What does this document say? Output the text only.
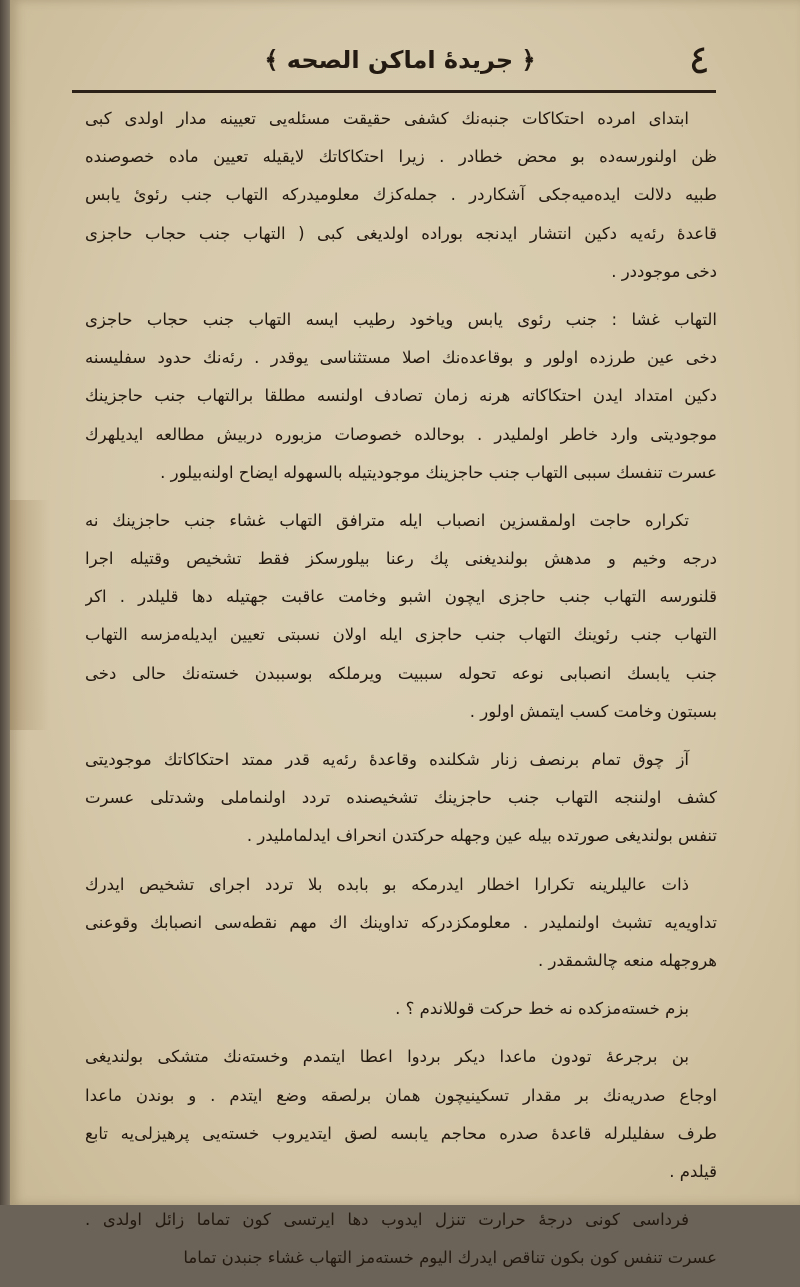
٤
﴿ جريدۀ اماكن الصحه ﴾
ابتداى امرده احتكاكات جنبه‌نك كشفى حقيقت مسئله‌يى تعيينه مدار اولدى كبى
ظن اولنورسه‌ده بو محض خطادر . زيرا احتكاكاتك لايقيله تعيين ماده خصوصنده
طبيه دلالت ايده‌ميه‌جكى آشكاردر . جمله‌كزك معلوميدركه التهاب جنب رئوئ يابس
قاعدۀ رئه‌يه دكين انتشار ايدنجه بوراده اولديغى كبى ( التهاب جنب حجاب حاجزى
دخى موجوددر .
التهاب غشا : جنب رئوى يابس وياخود رطيب ايسه التهاب جنب حجاب حاجزى
دخى عين طرزده اولور و بوقاعده‌نك اصلا مستثناسى يوقدر . رئه‌نك حدود سفليسنه
دكين امتداد ايدن احتكاكاته هرنه زمان تصادف اولنسه مطلقا برالتهاب جنب حاجزينك
موجوديتى وارد خاطر اولمليدر . بوحالده خصوصات مزبوره دربيش مطالعه ايديلهرك
عسرت تنفسك سببى التهاب جنب حاجزينك موجوديتيله بالسهوله ايضاح اولنه‌بيلور .
تكراره حاجت اولمقسزين انصباب ايله مترافق التهاب غشاء جنب حاجزينك نه
درجه وخيم و مدهش بولنديغنى پك رعنا بيلورسكز فقط تشخيص وقتيله اجرا
قلنورسه التهاب جنب حاجزى ايچون اشبو وخامت عاقبت جهتيله دها قليلدر . اكر
التهاب جنب رئوينك التهاب جنب حاجزى ايله اولان نسبتى تعيين ايديله‌مزسه التهاب
جنب يابسك انصبابى نوعه تحوله سببيت ويرملكه بوسببدن خسته‌نك حالى دخى
بسبتون وخامت كسب ايتمش اولور .
آز چوق تمام برنصف زنار شكلنده وقاعدۀ رئه‌يه قدر ممتد احتكاكاتك موجوديتى
كشف اولننجه التهاب جنب حاجزينك تشخيصنده تردد اولنماملى وشدتلى عسرت
تنفس بولنديغى صورتده بيله عين وجهله حركتدن انحراف ايدلمامليدر .
ذات عاليلرينه تكرارا اخطار ايدرمكه بو بابده بلا تردد اجراى تشخيص ايدرك
تداويه‌يه تشبث اولنمليدر . معلومكزدركه تداوينك اك مهم نقطه‌سى انصبابك وقوعنى
هروجهله منعه چالشمقدر .
بزم خسته‌مزكده نه خط حركت قوللاندم ؟ .
بن برجرعۀ تودون ماعدا ديكر بردوا اعطا ايتمدم وخسته‌نك متشكى بولنديغى
اوجاع صدريه‌نك بر مقدار تسكينيچون همان برلصقه وضع ايتدم . و بوندن ماعدا
طرف سفليلرله قاعدۀ صدره محاجم يابسه لصق ايتديروب خسته‌يى پرهيزلى‌يه تابع
قيلدم .
فرداسى كونى درجۀ حرارت تنزل ايدوب دها ايرتسى كون تماما زائل اولدى .
عسرت تنفس كون بكون تناقص ايدرك اليوم خسته‌مز التهاب غشاء جنبدن تماما
